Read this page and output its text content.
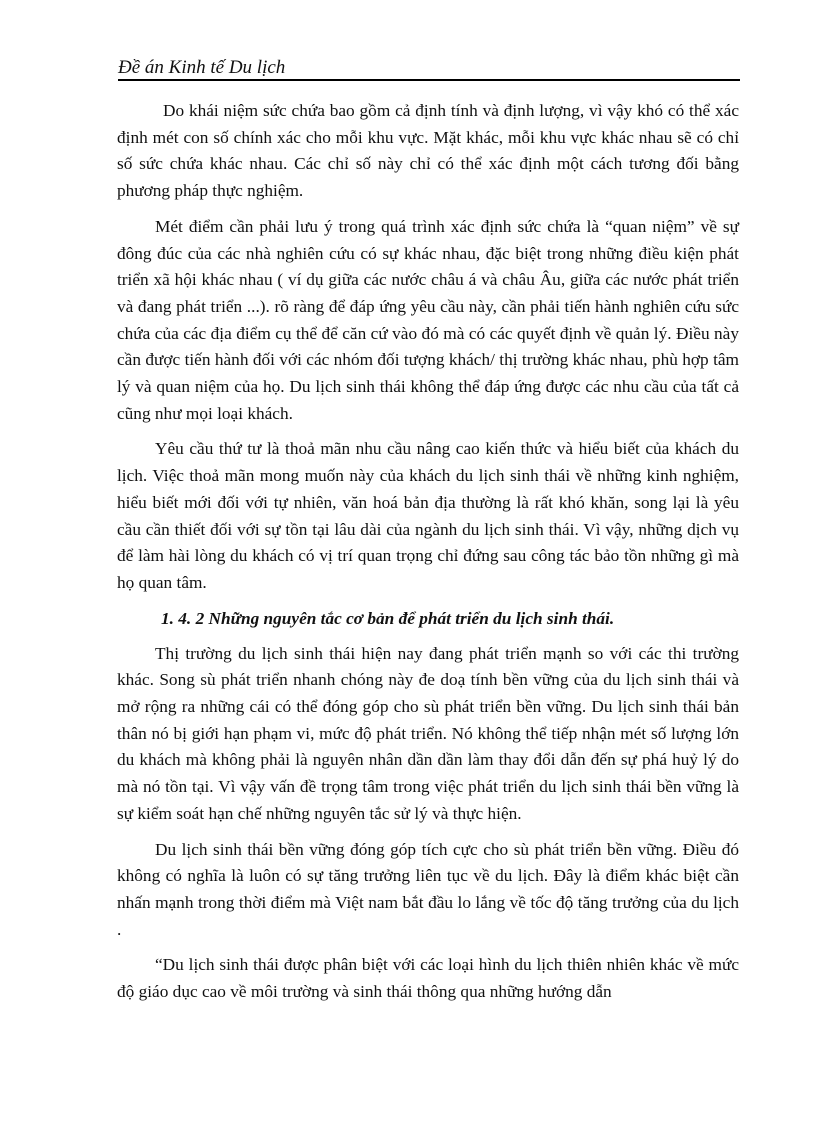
Đề án Kinh tế Du lịch

Do khái niệm sức chứa bao gồm cả định tính và định lượng, vì vậy khó có thể xác định mét con số chính xác cho mỗi khu vực. Mặt khác, mỗi khu vực khác nhau sẽ có chỉ số sức chứa khác nhau. Các chỉ số này chỉ có thể xác định một cách tương đối bằng phương pháp thực nghiệm.

Mét điểm cần phải lưu ý trong quá trình xác định sức chứa là “quan niệm” về sự đông đúc của các nhà nghiên cứu có sự khác nhau, đặc biệt trong những điều kiện phát triển xã hội khác nhau ( ví dụ giữa các nước châu á và châu Âu, giữa các nước phát triển và đang phát triển ...). rõ ràng để đáp ứng yêu cầu này, cần phải tiến hành nghiên cứu sức chứa của các địa điểm cụ thể để căn cứ vào đó mà có các quyết định về quản lý. Điều này cần được tiến hành đối với các nhóm đối tượng khách/ thị trường khác nhau, phù hợp tâm lý và quan niệm của họ. Du lịch sinh thái không thể đáp ứng được các nhu cầu của tất cả cũng như mọi loại khách.

Yêu cầu thứ tư là thoả mãn nhu cầu nâng cao kiến thức và hiểu biết của khách du lịch. Việc thoả mãn mong muốn này của khách du lịch sinh thái về những kinh nghiệm, hiểu biết mới đối với tự nhiên, văn hoá bản địa thường là rất khó khăn, song lại là yêu cầu cần thiết đối với sự tồn tại lâu dài của ngành du lịch sinh thái. Vì vậy, những dịch vụ để làm hài lòng du khách có vị trí quan trọng chỉ đứng sau công tác bảo tồn những gì mà họ quan tâm.

1. 4. 2 Những nguyên tắc cơ bản để phát triển du lịch sinh thái.

Thị trường du lịch sinh thái hiện nay đang phát triển mạnh so với các thi trường khác. Song sù phát triển nhanh chóng này đe doạ tính bền vững của du lịch sinh thái và mở rộng ra những cái có thể đóng góp cho sù phát triển bền vững. Du lịch sinh thái bản thân nó bị giới hạn phạm vi, mức độ phát triển. Nó không thể tiếp nhận mét số lượng lớn du khách mà không phải là nguyên nhân dần dần làm thay đổi dẫn đến sự phá huỷ lý do mà nó tồn tại. Vì vậy vấn đề trọng tâm trong việc phát triển du lịch sinh thái bền vững là sự kiểm soát hạn chế những nguyên tắc sử lý và thực hiện.

Du lịch sinh thái bền vững đóng góp tích cực cho sù phát triển bền vững. Điều đó không có nghĩa là luôn có sự tăng trưởng liên tục về du lịch. Đây là điểm khác biệt cần nhấn mạnh trong thời điểm mà Việt nam bắt đầu lo lắng về tốc độ tăng trưởng của du lịch .

“Du lịch sinh thái được phân biệt với các loại hình du lịch thiên nhiên khác về mức độ giáo dục cao về môi trường và sinh thái thông qua những hướng dẫn
